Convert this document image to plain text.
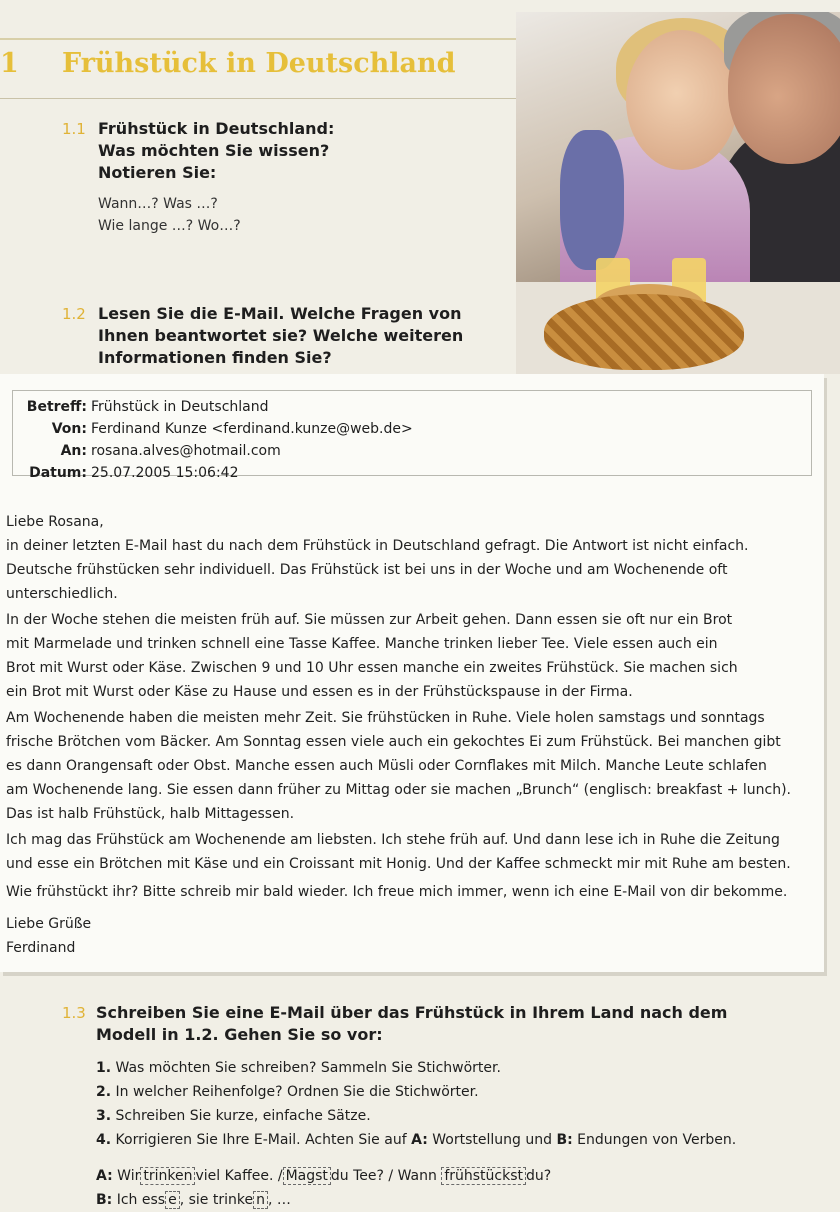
1 Frühstück in Deutschland
1.1 Frühstück in Deutschland:
Was möchten Sie wissen?
Notieren Sie:
Wann…? Was …?
Wie lange …? Wo…?
1.2 Lesen Sie die E-Mail. Welche Fragen von
Ihnen beantwortet sie? Welche weiteren
Informationen finden Sie?
Betreff: Frühstück in Deutschland
Von: Ferdinand Kunze <ferdinand.kunze@web.de>
An: rosana.alves@hotmail.com
Datum: 25.07.2005 15:06:42
Liebe Rosana,
in deiner letzten E-Mail hast du nach dem Frühstück in Deutschland gefragt. Die Antwort ist nicht einfach.
Deutsche frühstücken sehr individuell. Das Frühstück ist bei uns in der Woche und am Wochenende oft
unterschiedlich.
In der Woche stehen die meisten früh auf. Sie müssen zur Arbeit gehen. Dann essen sie oft nur ein Brot
mit Marmelade und trinken schnell eine Tasse Kaffee. Manche trinken lieber Tee. Viele essen auch ein
Brot mit Wurst oder Käse. Zwischen 9 und 10 Uhr essen manche ein zweites Frühstück. Sie machen sich
ein Brot mit Wurst oder Käse zu Hause und essen es in der Frühstückspause in der Firma.
Am Wochenende haben die meisten mehr Zeit. Sie frühstücken in Ruhe. Viele holen samstags und sonntags
frische Brötchen vom Bäcker. Am Sonntag essen viele auch ein gekochtes Ei zum Frühstück. Bei manchen gibt
es dann Orangensaft oder Obst. Manche essen auch Müsli oder Cornflakes mit Milch. Manche Leute schlafen
am Wochenende lang. Sie essen dann früher zu Mittag oder sie machen „Brunch“ (englisch: breakfast + lunch).
Das ist halb Frühstück, halb Mittagessen.
Ich mag das Frühstück am Wochenende am liebsten. Ich stehe früh auf. Und dann lese ich in Ruhe die Zeitung
und esse ein Brötchen mit Käse und ein Croissant mit Honig. Und der Kaffee schmeckt mir mit Ruhe am besten.
Wie frühstückt ihr? Bitte schreib mir bald wieder. Ich freue mich immer, wenn ich eine E-Mail von dir bekomme.
Liebe Grüße
Ferdinand
1.3 Schreiben Sie eine E-Mail über das Frühstück in Ihrem Land nach dem
Modell in 1.2. Gehen Sie so vor:
1. Was möchten Sie schreiben? Sammeln Sie Stichwörter.
2. In welcher Reihenfolge? Ordnen Sie die Stichwörter.
3. Schreiben Sie kurze, einfache Sätze.
4. Korrigieren Sie Ihre E-Mail. Achten Sie auf A: Wortstellung und B: Endungen von Verben.
A: Wir trinken viel Kaffee. / Magst du Tee? / Wann frühstückst du?
B: Ich ess e , sie trinke n , …
